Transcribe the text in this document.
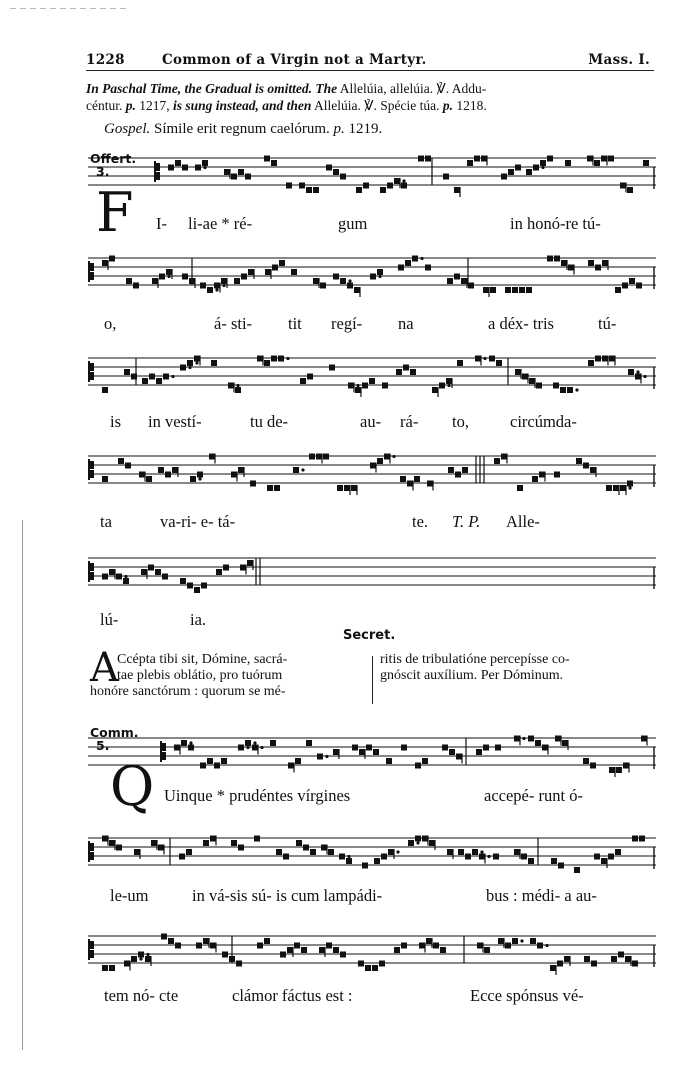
1228	Common of a Virgin not a Martyr.	Mass. I.
In Paschal Time, the Gradual is omitted. The Allelúia, allelúia. ℣. Addu-
céntur. p. 1217, is sung instead, and then Allelúia. ℣. Spécie túa. p. 1218.
Gospel. Símile erit regnum caelórum. p. 1219.
Offert.
3.
F I- li-ae * ré-	gum	in honó-re tú-
o,	á- sti- tit regí- na	a déx- tris	tú-
is in vestí-	tu de-	au- rá- to, circúmda-
ta	va-ri- e- tá-	te. T. P. Alle-
lú-	ia.
Secret.
A
Ccépta tibi sit, Dómine, sacrá-
tae plebis oblátio, pro tuórum
honóre sanctórum : quorum se mé-
ritis de tribulatióne percepísse co-
gnóscit auxílium. Per Dóminum.
Comm.
5.
Q Uinque * prudéntes vírgines	accepé- runt ó-
le-um	in vá-sis sú- is cum lampádi-	bus : médi- a au-
tem nó- cte	clámor fáctus est :	Ecce spónsus vé-
